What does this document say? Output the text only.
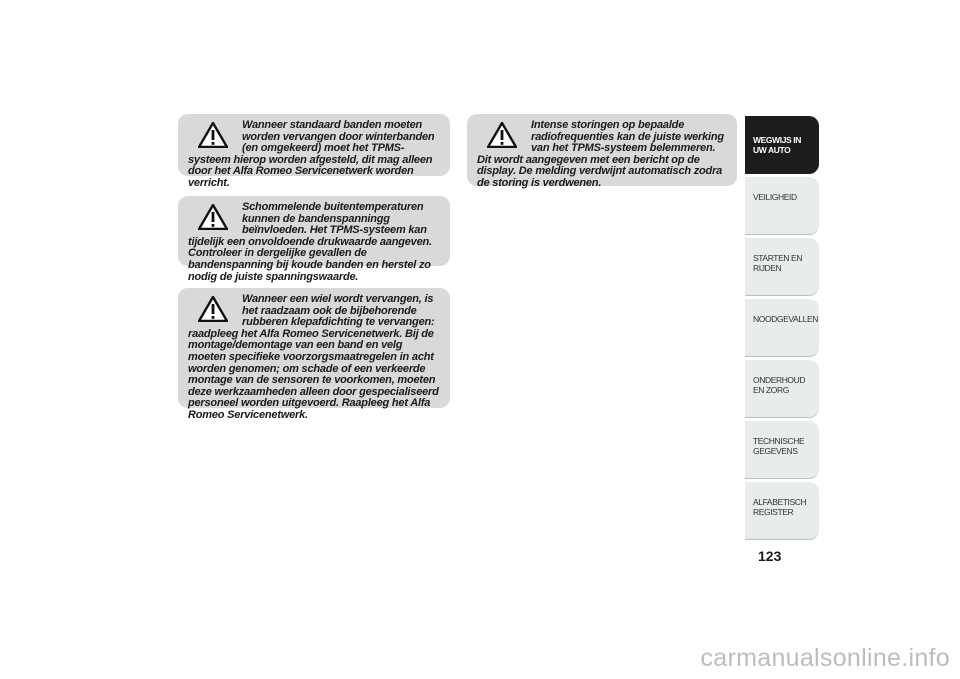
Wanneer standaard banden moeten worden vervangen door winterbanden (en omgekeerd) moet het TPMS-systeem hierop worden afgesteld, dit mag alleen door het Alfa Romeo Servicenetwerk worden verricht.

Schommelende buitentemperaturen kunnen de bandenspanningg beïnvloeden. Het TPMS-systeem kan tijdelijk een onvoldoende drukwaarde aangeven. Controleer in dergelijke gevallen de bandenspanning bij koude banden en herstel zo nodig de juiste spanningswaarde.

Wanneer een wiel wordt vervangen, is het raadzaam ook de bijbehorende rubberen klepafdichting te vervangen: raadpleeg het Alfa Romeo Servicenetwerk. Bij de montage/demontage van een band en velg moeten specifieke voorzorgsmaatregelen in acht worden genomen; om schade of een verkeerde montage van de sensoren te voorkomen, moeten deze werkzaamheden alleen door gespecialiseerd personeel worden uitgevoerd. Raapleeg het Alfa Romeo Servicenetwerk.

Intense storingen op bepaalde radiofrequenties kan de juiste werking van het TPMS-systeem belemmeren. Dit wordt aangegeven met een bericht op de display. De melding verdwijnt automatisch zodra de storing is verdwenen.

WEGWIJS IN UW AUTO
VEILIGHEID
STARTEN EN RIJDEN
NOODGEVALLEN
ONDERHOUD EN ZORG
TECHNISCHE GEGEVENS
ALFABETISCH REGISTER
123
carmanualsonline.info
